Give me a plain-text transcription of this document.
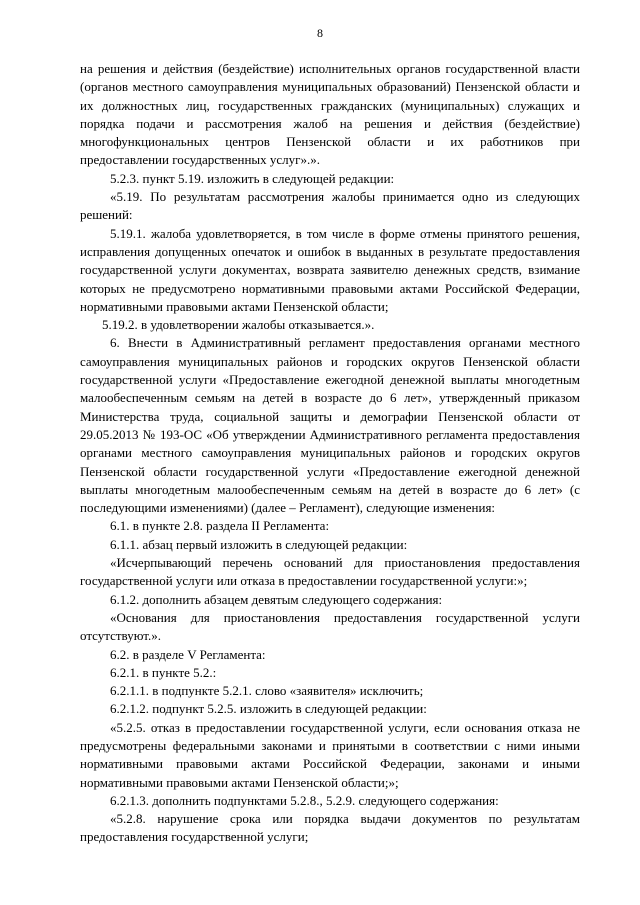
8

на решения и действия (бездействие) исполнительных органов государственной власти (органов местного самоуправления муниципальных образований) Пензенской области и их должностных лиц, государственных гражданских (муниципальных) служащих и порядка подачи и рассмотрения жалоб на решения и действия (бездействие) многофункциональных центров Пензенской области и их работников при предоставлении государственных услуг».».

5.2.3. пункт 5.19. изложить в следующей редакции:

«5.19. По результатам рассмотрения жалобы принимается одно из следующих решений:

5.19.1. жалоба удовлетворяется, в том числе в форме отмены принятого решения, исправления допущенных опечаток и ошибок в выданных в результате предоставления государственной услуги документах, возврата заявителю денежных средств, взимание которых не предусмотрено нормативными правовыми актами Российской Федерации, нормативными правовыми актами Пензенской области;

5.19.2. в удовлетворении жалобы отказывается.».

6. Внести в Административный регламент предоставления органами местного самоуправления муниципальных районов и городских округов Пензенской области государственной услуги «Предоставление ежегодной денежной выплаты многодетным малообеспеченным семьям на детей в возрасте до 6 лет», утвержденный приказом Министерства труда, социальной защиты и демографии Пензенской области от 29.05.2013 № 193-ОС «Об утверждении Административного регламента предоставления органами местного самоуправления муниципальных районов и городских округов Пензенской области государственной услуги «Предоставление ежегодной денежной выплаты многодетным малообеспеченным семьям на детей в возрасте до 6 лет» (с последующими изменениями) (далее – Регламент), следующие изменения:

6.1. в пункте 2.8. раздела II Регламента:

6.1.1. абзац первый изложить в следующей редакции:

«Исчерпывающий перечень оснований для приостановления предоставления государственной услуги или отказа в предоставлении государственной услуги:»;

6.1.2. дополнить абзацем девятым следующего содержания:

«Основания для приостановления предоставления государственной услуги отсутствуют.».

6.2. в разделе V Регламента:

6.2.1. в пункте 5.2.:

6.2.1.1. в подпункте 5.2.1. слово «заявителя» исключить;

6.2.1.2. подпункт 5.2.5. изложить в следующей редакции:

«5.2.5. отказ в предоставлении государственной услуги, если основания отказа не предусмотрены федеральными законами и принятыми в соответствии с ними иными нормативными правовыми актами Российской Федерации, законами и иными нормативными правовыми актами Пензенской области;»;

6.2.1.3. дополнить подпунктами 5.2.8., 5.2.9. следующего содержания:

«5.2.8. нарушение срока или порядка выдачи документов по результатам предоставления государственной услуги;
